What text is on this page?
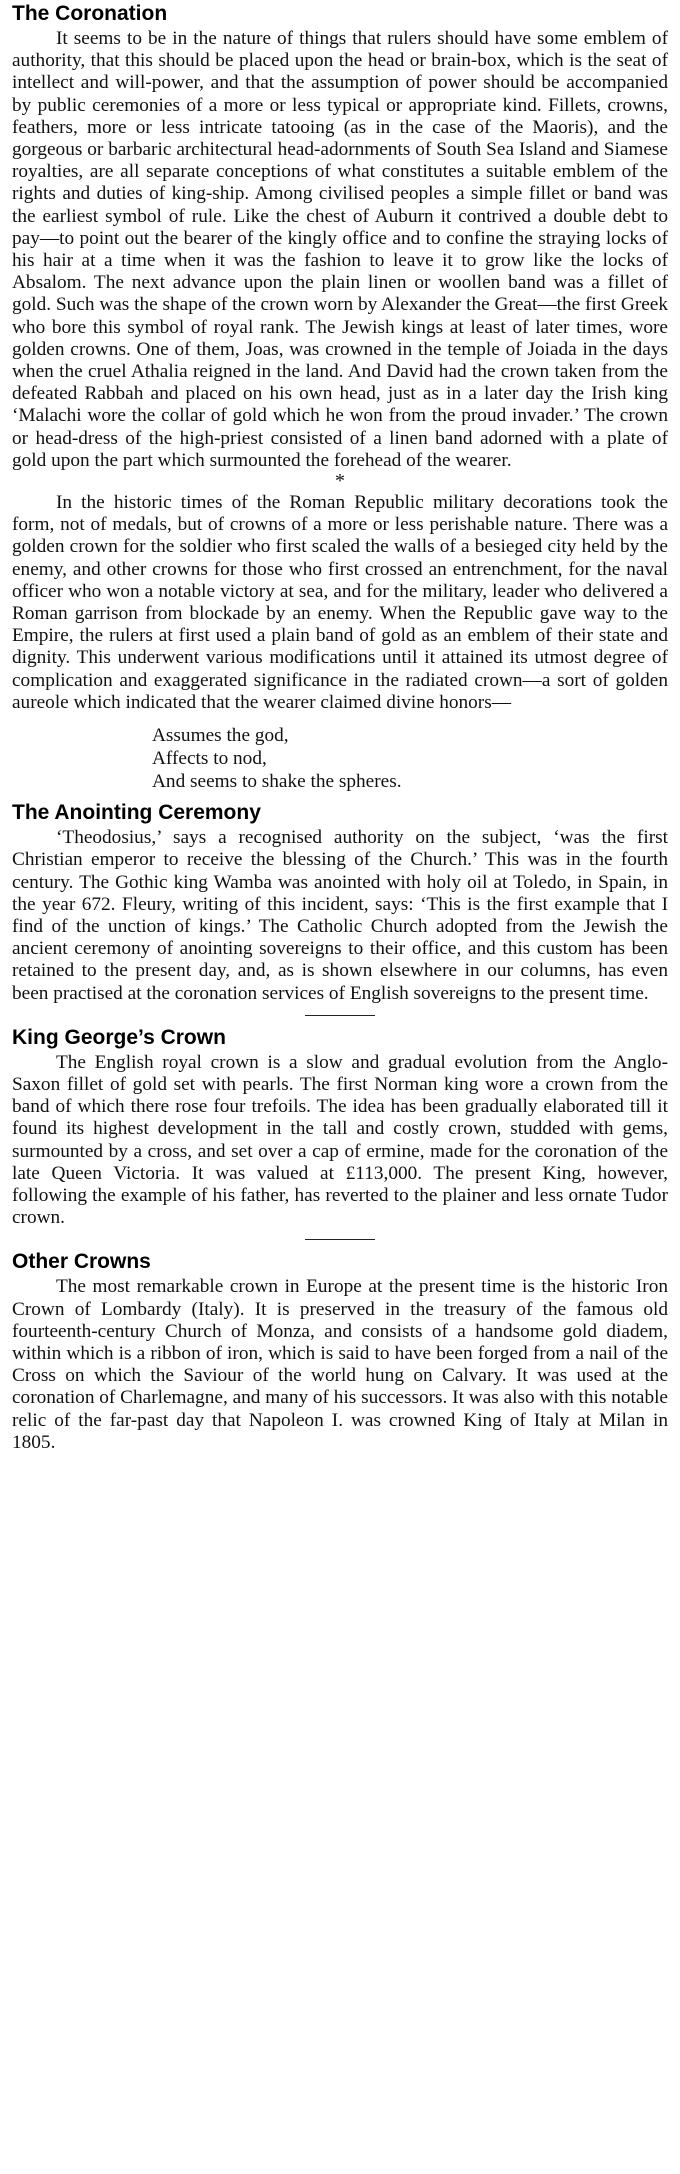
The Coronation

It seems to be in the nature of things that rulers should have some emblem of authority, that this should be placed upon the head or brain-box, which is the seat of intellect and will-power, and that the assumption of power should be accompanied by public ceremonies of a more or less typical or appropriate kind. Fillets, crowns, feathers, more or less intricate tatooing (as in the case of the Maoris), and the gorgeous or barbaric architectural head-adornments of South Sea Island and Siamese royalties, are all separate conceptions of what constitutes a suitable emblem of the rights and duties of king-ship. Among civilised peoples a simple fillet or band was the earliest symbol of rule. Like the chest of Auburn it contrived a double debt to pay—to point out the bearer of the kingly office and to confine the straying locks of his hair at a time when it was the fashion to leave it to grow like the locks of Absalom. The next advance upon the plain linen or woollen band was a fillet of gold. Such was the shape of the crown worn by Alexander the Great—the first Greek who bore this symbol of royal rank. The Jewish kings at least of later times, wore golden crowns. One of them, Joas, was crowned in the temple of Joiada in the days when the cruel Athalia reigned in the land. And David had the crown taken from the defeated Rabbah and placed on his own head, just as in a later day the Irish king ‘Malachi wore the collar of gold which he won from the proud invader.’ The crown or head-dress of the high-priest consisted of a linen band adorned with a plate of gold upon the part which surmounted the forehead of the wearer.

*

In the historic times of the Roman Republic military decorations took the form, not of medals, but of crowns of a more or less perishable nature. There was a golden crown for the soldier who first scaled the walls of a besieged city held by the enemy, and other crowns for those who first crossed an entrenchment, for the naval officer who won a notable victory at sea, and for the military, leader who delivered a Roman garrison from blockade by an enemy. When the Republic gave way to the Empire, the rulers at first used a plain band of gold as an emblem of their state and dignity. This underwent various modifications until it attained its utmost degree of complication and exaggerated significance in the radiated crown—a sort of golden aureole which indicated that the wearer claimed divine honors—

Assumes the god,
Affects to nod,
And seems to shake the spheres.
The Anointing Ceremony

‘Theodosius,’ says a recognised authority on the subject, ‘was the first Christian emperor to receive the blessing of the Church.’ This was in the fourth century. The Gothic king Wamba was anointed with holy oil at Toledo, in Spain, in the year 672. Fleury, writing of this incident, says: ‘This is the first example that I find of the unction of kings.’ The Catholic Church adopted from the Jewish the ancient ceremony of anointing sovereigns to their office, and this custom has been retained to the present day, and, as is shown elsewhere in our columns, has even been practised at the coronation services of English sovereigns to the present time.

King George’s Crown

The English royal crown is a slow and gradual evolution from the Anglo-Saxon fillet of gold set with pearls. The first Norman king wore a crown from the band of which there rose four trefoils. The idea has been gradually elaborated till it found its highest development in the tall and costly crown, studded with gems, surmounted by a cross, and set over a cap of ermine, made for the coronation of the late Queen Victoria. It was valued at £113,000. The present King, however, following the example of his father, has reverted to the plainer and less ornate Tudor crown.

Other Crowns

The most remarkable crown in Europe at the present time is the historic Iron Crown of Lombardy (Italy). It is preserved in the treasury of the famous old fourteenth-century Church of Monza, and consists of a handsome gold diadem, within which is a ribbon of iron, which is said to have been forged from a nail of the Cross on which the Saviour of the world hung on Calvary. It was used at the coronation of Charlemagne, and many of his successors. It was also with this notable relic of the far-past day that Napoleon I. was crowned King of Italy at Milan in 1805.
